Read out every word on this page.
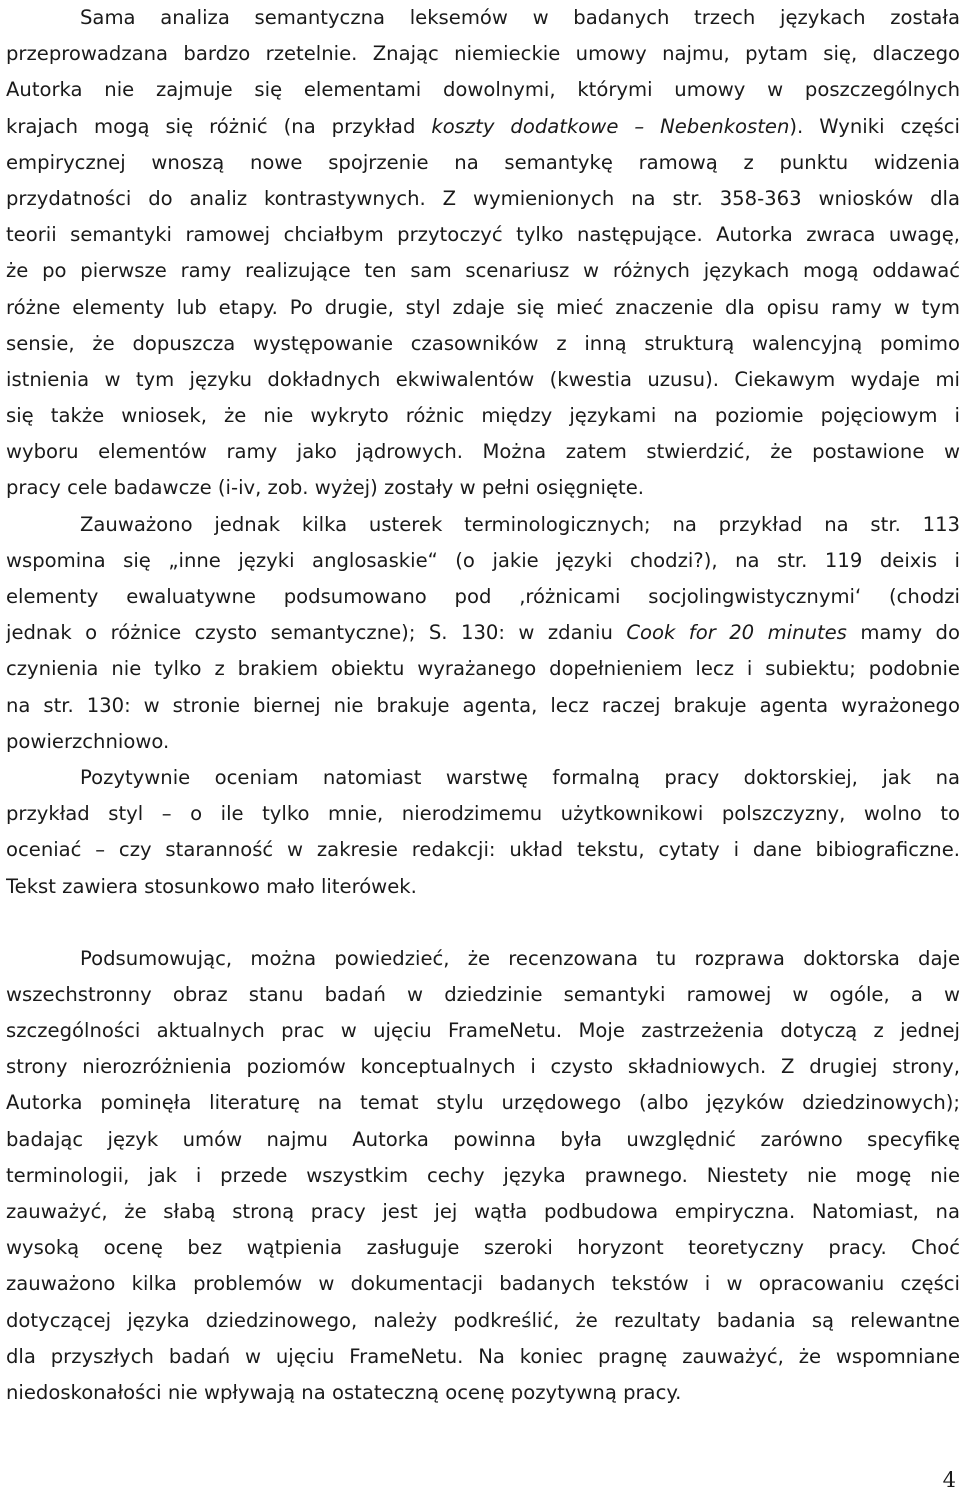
Sama analiza semantyczna leksemów w badanych trzech językach została
przeprowadzana bardzo rzetelnie. Znając niemieckie umowy najmu, pytam się, dlaczego
Autorka nie zajmuje się elementami dowolnymi, którymi umowy w poszczególnych
krajach mogą się różnić (na przykład koszty dodatkowe – Nebenkosten). Wyniki części
empirycznej wnoszą nowe spojrzenie na semantykę ramową z punktu widzenia
przydatności do analiz kontrastywnych. Z wymienionych na str. 358-363 wniosków dla
teorii semantyki ramowej chciałbym przytoczyć tylko następujące. Autorka zwraca uwagę,
że po pierwsze ramy realizujące ten sam scenariusz w różnych językach mogą oddawać
różne elementy lub etapy. Po drugie, styl zdaje się mieć znaczenie dla opisu ramy w tym
sensie, że dopuszcza występowanie czasowników z inną strukturą walencyjną pomimo
istnienia w tym języku dokładnych ekwiwalentów (kwestia uzusu). Ciekawym wydaje mi
się także wniosek, że nie wykryto różnic między językami na poziomie pojęciowym i
wyboru elementów ramy jako jądrowych. Można zatem stwierdzić, że postawione w
pracy cele badawcze (i-iv, zob. wyżej) zostały w pełni osięgnięte.
Zauważono jednak kilka usterek terminologicznych; na przykład na str. 113
wspomina się „inne języki anglosaskie“ (o jakie języki chodzi?), na str. 119 deixis i
elementy ewaluatywne podsumowano pod ‚różnicami socjolingwistycznymi‘ (chodzi
jednak o różnice czysto semantyczne); S. 130: w zdaniu Cook for 20 minutes mamy do
czynienia nie tylko z brakiem obiektu wyrażanego dopełnieniem lecz i subiektu; podobnie
na str. 130: w stronie biernej nie brakuje agenta, lecz raczej brakuje agenta wyrażonego
powierzchniowo.
Pozytywnie oceniam natomiast warstwę formalną pracy doktorskiej, jak na
przykład styl – o ile tylko mnie, nierodzimemu użytkownikowi polszczyzny, wolno to
oceniać – czy staranność w zakresie redakcji: układ tekstu, cytaty i dane bibiograficzne.
Tekst zawiera stosunkowo mało literówek.
Podsumowując, można powiedzieć, że recenzowana tu rozprawa doktorska daje
wszechstronny obraz stanu badań w dziedzinie semantyki ramowej w ogóle, a w
szczególności aktualnych prac w ujęciu FrameNetu. Moje zastrzeżenia dotyczą z jednej
strony nierozróżnienia poziomów konceptualnych i czysto składniowych. Z drugiej strony,
Autorka pominęła literaturę na temat stylu urzędowego (albo języków dziedzinowych);
badając język umów najmu Autorka powinna była uwzględnić zarówno specyfikę
terminologii, jak i przede wszystkim cechy języka prawnego. Niestety nie mogę nie
zauważyć, że słabą stroną pracy jest jej wątła podbudowa empiryczna. Natomiast, na
wysoką ocenę bez wątpienia zasługuje szeroki horyzont teoretyczny pracy. Choć
zauważono kilka problemów w dokumentacji badanych tekstów i w opracowaniu części
dotyczącej języka dziedzinowego, należy podkreślić, że rezultaty badania są relewantne
dla przyszłych badań w ujęciu FrameNetu. Na koniec pragnę zauważyć, że wspomniane
niedoskonałości nie wpływają na ostateczną ocenę pozytywną pracy.
4
